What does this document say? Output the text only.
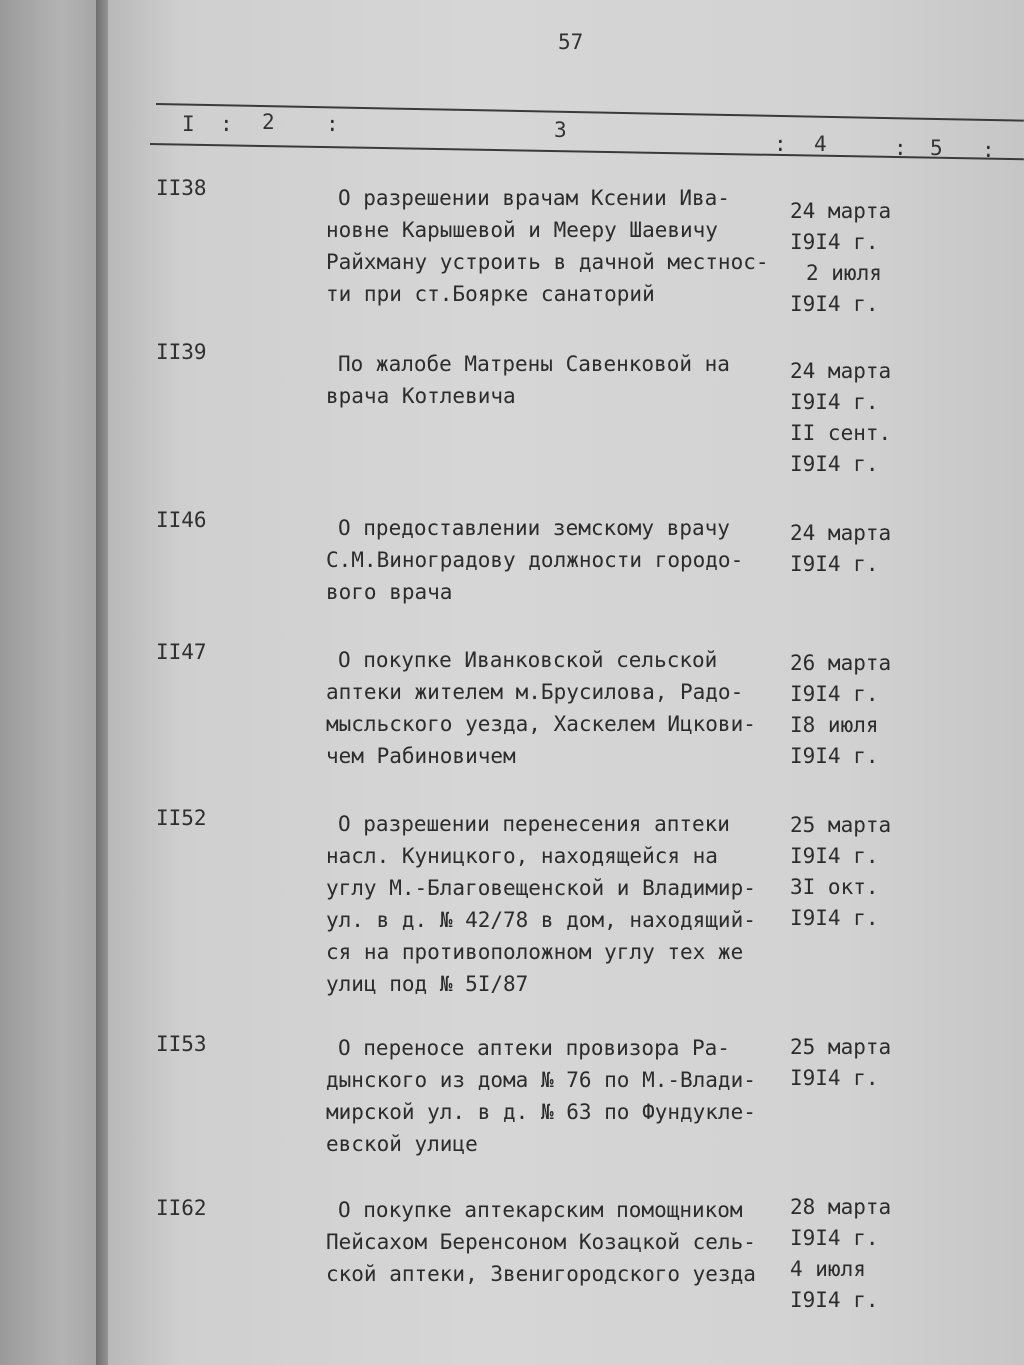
57
I : 2 :	3
: 4	: 5 :
II38	О разрешении врачам Ксении Ива-
новне Карышевой и Мееру Шаевичу
Райхману устроить в дачной местнос-
ти при ст.Боярке санаторий
24 марта
I9I4 г.
2 июля
I9I4 г.
II39	По жалобе Матрены Савенковой на
врача Котлевича
24 марта
I9I4 г.
II сент.
I9I4 г.
II46	О предоставлении земскому врачу
С.М.Виноградову должности городо-
вого врача
24 марта
I9I4 г.
II47	О покупке Иванковской сельской
аптеки жителем м.Брусилова, Радо-
мысльского уезда, Хаскелем Ицкови-
чем Рабиновичем
26 марта
I9I4 г.
I8 июля
I9I4 г.
II52	О разрешении перенесения аптеки
насл. Куницкого, находящейся на
углу М.-Благовещенской и Владимир-
ул. в д. № 42/78 в дом, находящий-
ся на противоположном углу тех же
улиц под № 5I/87
25 марта
I9I4 г.
3I окт.
I9I4 г.
II53	О переносе аптеки провизора Ра-
дынского из дома № 76 по М.-Влади-
мирской ул. в д. № 63 по Фундукле-
евской улице
25 марта
I9I4 г.
II62	О покупке аптекарским помощником
Пейсахом Беренсоном Козацкой сель-
ской аптеки, Звенигородского уезда
28 марта
I9I4 г.
4 июля
I9I4 г.
